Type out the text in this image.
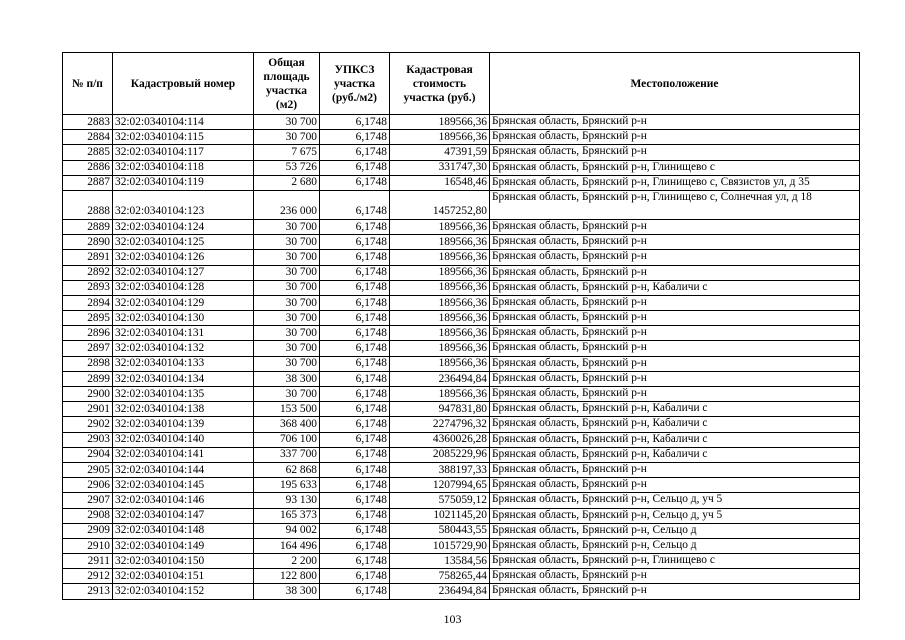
№ п/п	Кадастровый номер	Общая площадь участка (м2)	УПКСЗ участка (руб./м2)	Кадастровая стоимость участка (руб.)	Местоположение
2883	32:02:0340104:114	30 700	6,1748	189566,36	Брянская область, Брянский р-н
2884	32:02:0340104:115	30 700	6,1748	189566,36	Брянская область, Брянский р-н
2885	32:02:0340104:117	7 675	6,1748	47391,59	Брянская область, Брянский р-н
2886	32:02:0340104:118	53 726	6,1748	331747,30	Брянская область, Брянский р-н, Глинищево с
2887	32:02:0340104:119	2 680	6,1748	16548,46	Брянская область, Брянский р-н, Глинищево с, Связистов ул, д 35
2888	32:02:0340104:123	236 000	6,1748	1457252,80	Брянская область, Брянский р-н, Глинищево с, Солнечная ул, д 18
2889	32:02:0340104:124	30 700	6,1748	189566,36	Брянская область, Брянский р-н
2890	32:02:0340104:125	30 700	6,1748	189566,36	Брянская область, Брянский р-н
2891	32:02:0340104:126	30 700	6,1748	189566,36	Брянская область, Брянский р-н
2892	32:02:0340104:127	30 700	6,1748	189566,36	Брянская область, Брянский р-н
2893	32:02:0340104:128	30 700	6,1748	189566,36	Брянская область, Брянский р-н, Кабаличи с
2894	32:02:0340104:129	30 700	6,1748	189566,36	Брянская область, Брянский р-н
2895	32:02:0340104:130	30 700	6,1748	189566,36	Брянская область, Брянский р-н
2896	32:02:0340104:131	30 700	6,1748	189566,36	Брянская область, Брянский р-н
2897	32:02:0340104:132	30 700	6,1748	189566,36	Брянская область, Брянский р-н
2898	32:02:0340104:133	30 700	6,1748	189566,36	Брянская область, Брянский р-н
2899	32:02:0340104:134	38 300	6,1748	236494,84	Брянская область, Брянский р-н
2900	32:02:0340104:135	30 700	6,1748	189566,36	Брянская область, Брянский р-н
2901	32:02:0340104:138	153 500	6,1748	947831,80	Брянская область, Брянский р-н, Кабаличи с
2902	32:02:0340104:139	368 400	6,1748	2274796,32	Брянская область, Брянский р-н, Кабаличи с
2903	32:02:0340104:140	706 100	6,1748	4360026,28	Брянская область, Брянский р-н, Кабаличи с
2904	32:02:0340104:141	337 700	6,1748	2085229,96	Брянская область, Брянский р-н, Кабаличи с
2905	32:02:0340104:144	62 868	6,1748	388197,33	Брянская область, Брянский р-н
2906	32:02:0340104:145	195 633	6,1748	1207994,65	Брянская область, Брянский р-н
2907	32:02:0340104:146	93 130	6,1748	575059,12	Брянская область, Брянский р-н, Сельцо д, уч 5
2908	32:02:0340104:147	165 373	6,1748	1021145,20	Брянская область, Брянский р-н, Сельцо д, уч 5
2909	32:02:0340104:148	94 002	6,1748	580443,55	Брянская область, Брянский р-н, Сельцо д
2910	32:02:0340104:149	164 496	6,1748	1015729,90	Брянская область, Брянский р-н, Сельцо д
2911	32:02:0340104:150	2 200	6,1748	13584,56	Брянская область, Брянский р-н, Глинищево с
2912	32:02:0340104:151	122 800	6,1748	758265,44	Брянская область, Брянский р-н
2913	32:02:0340104:152	38 300	6,1748	236494,84	Брянская область, Брянский р-н
103
